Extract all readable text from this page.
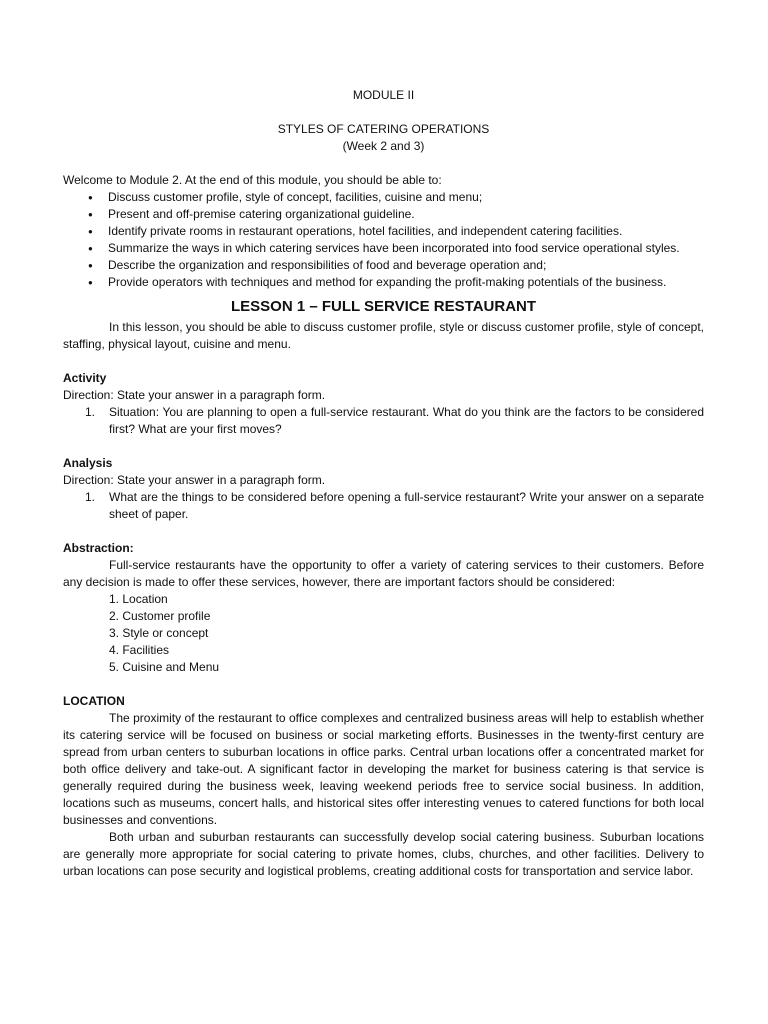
MODULE II
STYLES OF CATERING OPERATIONS
(Week 2 and 3)
Welcome to Module 2. At the end of this module, you should be able to:
● Discuss customer profile, style of concept, facilities, cuisine and menu;
● Present and off-premise catering organizational guideline.
● Identify private rooms in restaurant operations, hotel facilities, and independent catering facilities.
● Summarize the ways in which catering services have been incorporated into food service operational styles.
● Describe the organization and responsibilities of food and beverage operation and;
● Provide operators with techniques and method for expanding the profit-making potentials of the business.
LESSON 1 – FULL SERVICE RESTAURANT
In this lesson, you should be able to discuss customer profile, style or discuss customer profile, style of concept, staffing, physical layout, cuisine and menu.
Activity
Direction: State your answer in a paragraph form.
1. Situation: You are planning to open a full-service restaurant. What do you think are the factors to be considered first? What are your first moves?
Analysis
Direction: State your answer in a paragraph form.
1. What are the things to be considered before opening a full-service restaurant? Write your answer on a separate sheet of paper.
Abstraction:
Full-service restaurants have the opportunity to offer a variety of catering services to their customers. Before any decision is made to offer these services, however, there are important factors should be considered:
1. Location
2. Customer profile
3. Style or concept
4. Facilities
5. Cuisine and Menu
LOCATION
The proximity of the restaurant to office complexes and centralized business areas will help to establish whether its catering service will be focused on business or social marketing efforts. Businesses in the twenty-first century are spread from urban centers to suburban locations in office parks. Central urban locations offer a concentrated market for both office delivery and take-out. A significant factor in developing the market for business catering is that service is generally required during the business week, leaving weekend periods free to service social business. In addition, locations such as museums, concert halls, and historical sites offer interesting venues to catered functions for both local businesses and conventions.
Both urban and suburban restaurants can successfully develop social catering business. Suburban locations are generally more appropriate for social catering to private homes, clubs, churches, and other facilities. Delivery to urban locations can pose security and logistical problems, creating additional costs for transportation and service labor.
